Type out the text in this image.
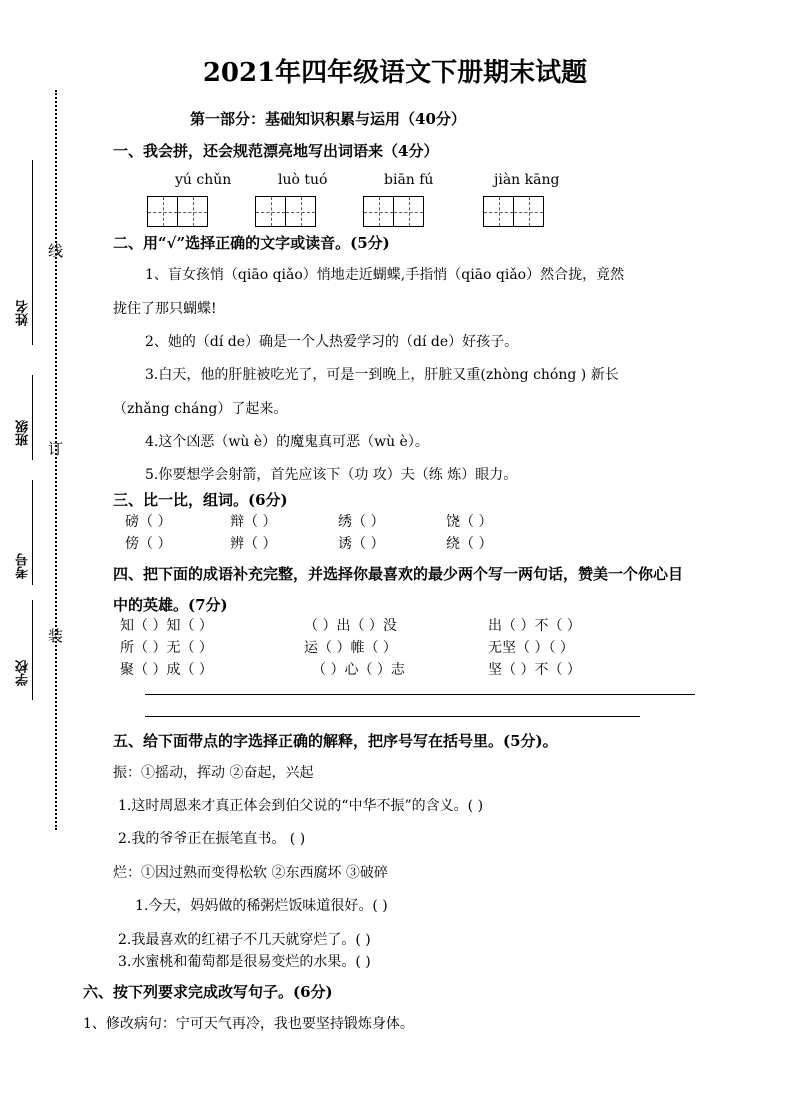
线
订
装
姓名
班级
考号
学校
2021年四年级语文下册期末试题
第一部分：基础知识积累与运用（40分）
一、我会拼，还会规范漂亮地写出词语来（4分）
yú chǔn	luò tuó	biān fú	jiàn kāng
二、用“√”选择正确的文字或读音。(5分)
1、盲女孩悄（qiāo qiǎo）悄地走近蝴蝶,手指悄（qiāo qiǎo）然合拢，竟然
拢住了那只蝴蝶!
2、她的（dí de）确是一个人热爱学习的（dí de）好孩子。
3.白天，他的肝脏被吃光了，可是一到晚上，肝脏又重(zhòng chóng ) 新长
（zhǎng cháng）了起来。
4.这个凶恶（wù è）的魔鬼真可恶（wù è）。
5.你要想学会射箭，首先应该下（功 攻）夫（练 炼）眼力。
三、比一比，组词。(6分)
磅（ ）	辩（ ）	绣（ ）	饶（ ）
傍（ ）	辨（ ）	诱（ ）	绕（ ）
四、把下面的成语补充完整，并选择你最喜欢的最少两个写一两句话，赞美一个你心目
中的英雄。(7分)
知（ ）知（ ）	（ ）出（ ）没	出（ ）不（ ）
所（ ）无（ ）	运（ ）帷（ ）	无坚（ ）（ ）
聚（ ）成（ ）	（ ）心（ ）志	坚（ ）不（ ）
五、给下面带点的字选择正确的解释，把序号写在括号里。(5分)。
振：①摇动，挥动 ②奋起，兴起
1.这时周恩来才真正体会到伯父说的“中华不振”的含义。( )
2.我的爷爷正在振笔直书。 ( )
烂：①因过熟而变得松软 ②东西腐坏 ③破碎
1.今天，妈妈做的稀粥烂饭味道很好。( )
2.我最喜欢的红裙子不几天就穿烂了。( )
3.水蜜桃和葡萄都是很易变烂的水果。( )
六、按下列要求完成改写句子。(6分)
1、修改病句：宁可天气再冷，我也要坚持锻炼身体。
